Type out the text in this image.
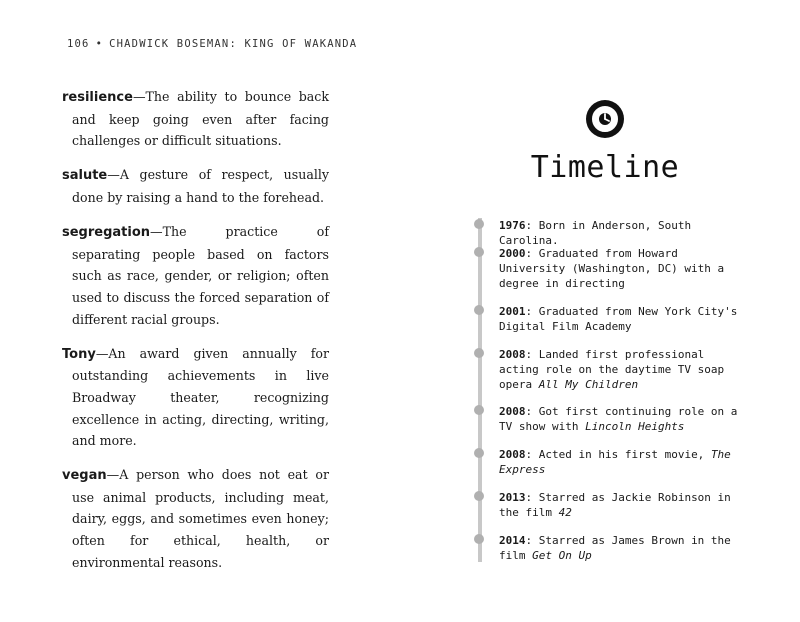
106 • CHADWICK BOSEMAN: KING OF WAKANDA

resilience—The ability to bounce back and keep going even after facing challenges or difficult situations.

salute—A gesture of respect, usually done by raising a hand to the forehead.

segregation—The practice of separating people based on factors such as race, gender, or religion; often used to discuss the forced separation of different racial groups.

Tony—An award given annually for outstanding achievements in live Broadway theater, recognizing excellence in acting, directing, writing, and more.

vegan—A person who does not eat or use animal products, including meat, dairy, eggs, and sometimes even honey; often for ethical, health, or environmental reasons.

Timeline
1976: Born in Anderson, South Carolina.
2000: Graduated from Howard University (Washington, DC) with a degree in directing
2001: Graduated from New York City's Digital Film Academy
2008: Landed first professional acting role on the daytime TV soap opera All My Children
2008: Got first continuing role on a TV show with Lincoln Heights
2008: Acted in his first movie, The Express
2013: Starred as Jackie Robinson in the film 42
2014: Starred as James Brown in the film Get On Up
